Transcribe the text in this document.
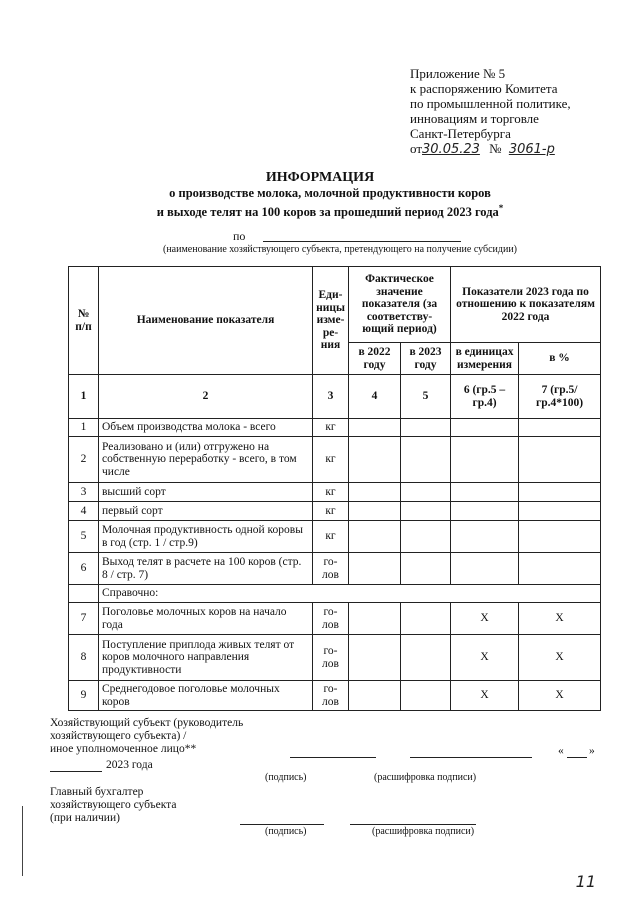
Приложение № 5
к распоряжению Комитета
по промышленной политике,
инновациям и торговле
Санкт-Петербурга
от30.05.23 № 3061-р
ИНФОРМАЦИЯ
о производстве молока, молочной продуктивности коров
и выходе телят на 100 коров за прошедший период 2023 года*
по
(наименование хозяйствующего субъекта, претендующего на получение субсидии)
№ п/п	Наименование показателя	Еди-ницы изме-ре-ния	Фактическое значение показателя (за соответству-ющий период)		Показатели 2023 года по отношению к показателям 2022 года	
			в 2022 году	в 2023 году	в единицах измерения	в %
1	2	3	4	5	6 (гр.5 – гр.4)	7 (гр.5/ гр.4*100)
1	Объем производства молока - всего	кг				
2	Реализовано и (или) отгружено на собственную переработку - всего, в том числе	кг				
3	высший сорт	кг				
4	первый сорт	кг				
5	Молочная продуктивность одной коровы в год (стр. 1 / стр.9)	кг				
6	Выход телят в расчете на 100 коров (стр. 8 / стр. 7)	го-лов				
	Справочно:					
7	Поголовье молочных коров на начало года	го-лов			Х	Х
8	Поступление приплода живых телят от коров молочного направления продуктивности	го-лов			Х	Х
9	Среднегодовое поголовье молочных коров	го-лов			Х	Х
Хозяйствующий субъект (руководитель
хозяйствующего субъекта) /
иное уполномоченное лицо**
2023 года
« »
(подпись)	(расшифровка подписи)
Главный бухгалтер
хозяйствующего субъекта
(при наличии)
(подпись)	(расшифровка подписи)
11
